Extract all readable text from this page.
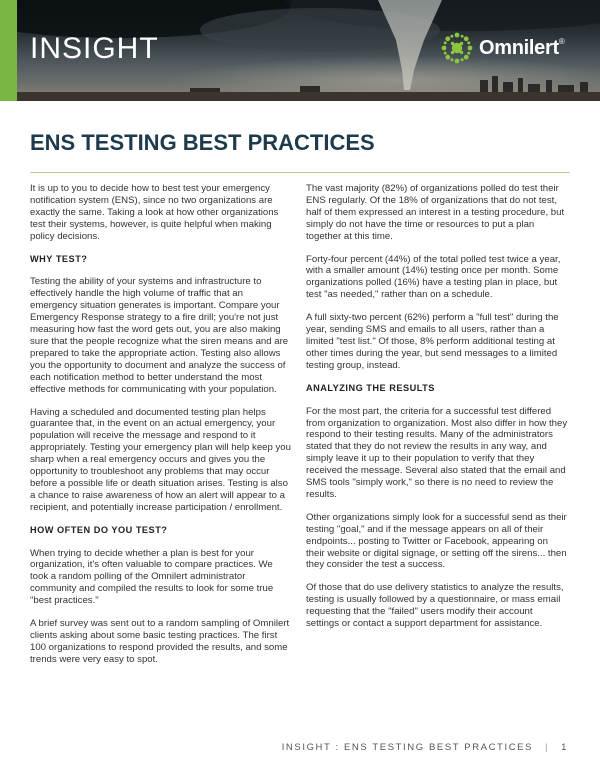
INSIGHT	Omnilert®
ENS TESTING BEST PRACTICES

It is up to you to decide how to best test your emergency notification system (ENS), since no two organizations are exactly the same. Taking a look at how other organizations test their systems, however, is quite helpful when making policy decisions.

WHY TEST?

Testing the ability of your systems and infrastructure to effectively handle the high volume of traffic that an emergency situation generates is important. Compare your Emergency Response strategy to a fire drill; you're not just measuring how fast the word gets out, you are also making sure that the people recognize what the siren means and are prepared to take the appropriate action. Testing also allows you the opportunity to document and analyze the success of each notification method to better understand the most effective methods for communicating with your population.

Having a scheduled and documented testing plan helps guarantee that, in the event on an actual emergency, your population will receive the message and respond to it appropriately. Testing your emergency plan will help keep you sharp when a real emergency occurs and gives you the opportunity to troubleshoot any problems that may occur before a possible life or death situation arises. Testing is also a chance to raise awareness of how an alert will appear to a recipient, and potentially increase participation / enrollment.

HOW OFTEN DO YOU TEST?

When trying to decide whether a plan is best for your organization, it's often valuable to compare practices. We took a random polling of the Omnilert administrator community and compiled the results to look for some true "best practices."

A brief survey was sent out to a random sampling of Omnilert clients asking about some basic testing practices. The first 100 organizations to respond provided the results, and some trends were very easy to spot.

The vast majority (82%) of organizations polled do test their ENS regularly. Of the 18% of organizations that do not test, half of them expressed an interest in a testing procedure, but simply do not have the time or resources to put a plan together at this time.

Forty-four percent (44%) of the total polled test twice a year, with a smaller amount (14%) testing once per month. Some organizations polled (16%) have a testing plan in place, but test "as needed," rather than on a schedule.

A full sixty-two percent (62%) perform a "full test" during the year, sending SMS and emails to all users, rather than a limited "test list." Of those, 8% perform additional testing at other times during the year, but send messages to a limited testing group, instead.

ANALYZING THE RESULTS

For the most part, the criteria for a successful test differed from organization to organization. Most also differ in how they respond to their testing results. Many of the administrators stated that they do not review the results in any way, and simply leave it up to their population to verify that they received the message. Several also stated that the email and SMS tools "simply work," so there is no need to review the results.

Other organizations simply look for a successful send as their testing "goal," and if the message appears on all of their endpoints... posting to Twitter or Facebook, appearing on their website or digital signage, or setting off the sirens... then they consider the test a success.

Of those that do use delivery statistics to analyze the results, testing is usually followed by a questionnaire, or mass email requesting that the "failed" users modify their account settings or contact a support department for assistance.

INSIGHT : ENS TESTING BEST PRACTICES | 1
